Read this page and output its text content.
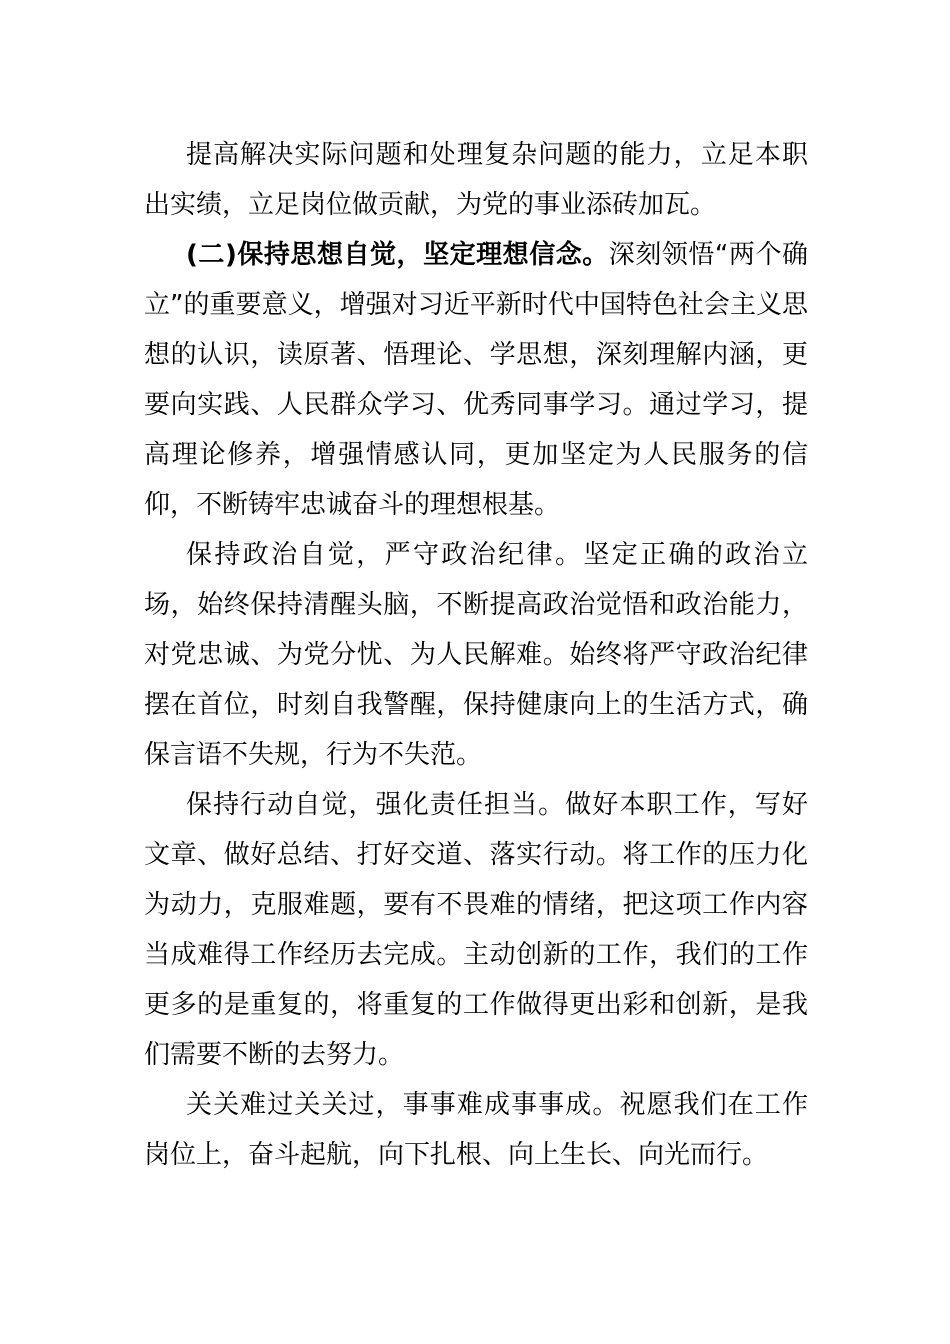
提高解决实际问题和处理复杂问题的能力，立足本职出实绩，立足岗位做贡献，为党的事业添砖加瓦。

(二)保持思想自觉，坚定理想信念。深刻领悟“两个确立”的重要意义，增强对习近平新时代中国特色社会主义思想的认识，读原著、悟理论、学思想，深刻理解内涵，更要向实践、人民群众学习、优秀同事学习。通过学习，提高理论修养，增强情感认同，更加坚定为人民服务的信仰，不断铸牢忠诚奋斗的理想根基。

保持政治自觉，严守政治纪律。坚定正确的政治立场，始终保持清醒头脑，不断提高政治觉悟和政治能力，对党忠诚、为党分忧、为人民解难。始终将严守政治纪律摆在首位，时刻自我警醒，保持健康向上的生活方式，确保言语不失规，行为不失范。

保持行动自觉，强化责任担当。做好本职工作，写好文章、做好总结、打好交道、落实行动。将工作的压力化为动力，克服难题，要有不畏难的情绪，把这项工作内容当成难得工作经历去完成。主动创新的工作，我们的工作更多的是重复的，将重复的工作做得更出彩和创新，是我们需要不断的去努力。

关关难过关关过，事事难成事事成。祝愿我们在工作岗位上，奋斗起航，向下扎根、向上生长、向光而行。
